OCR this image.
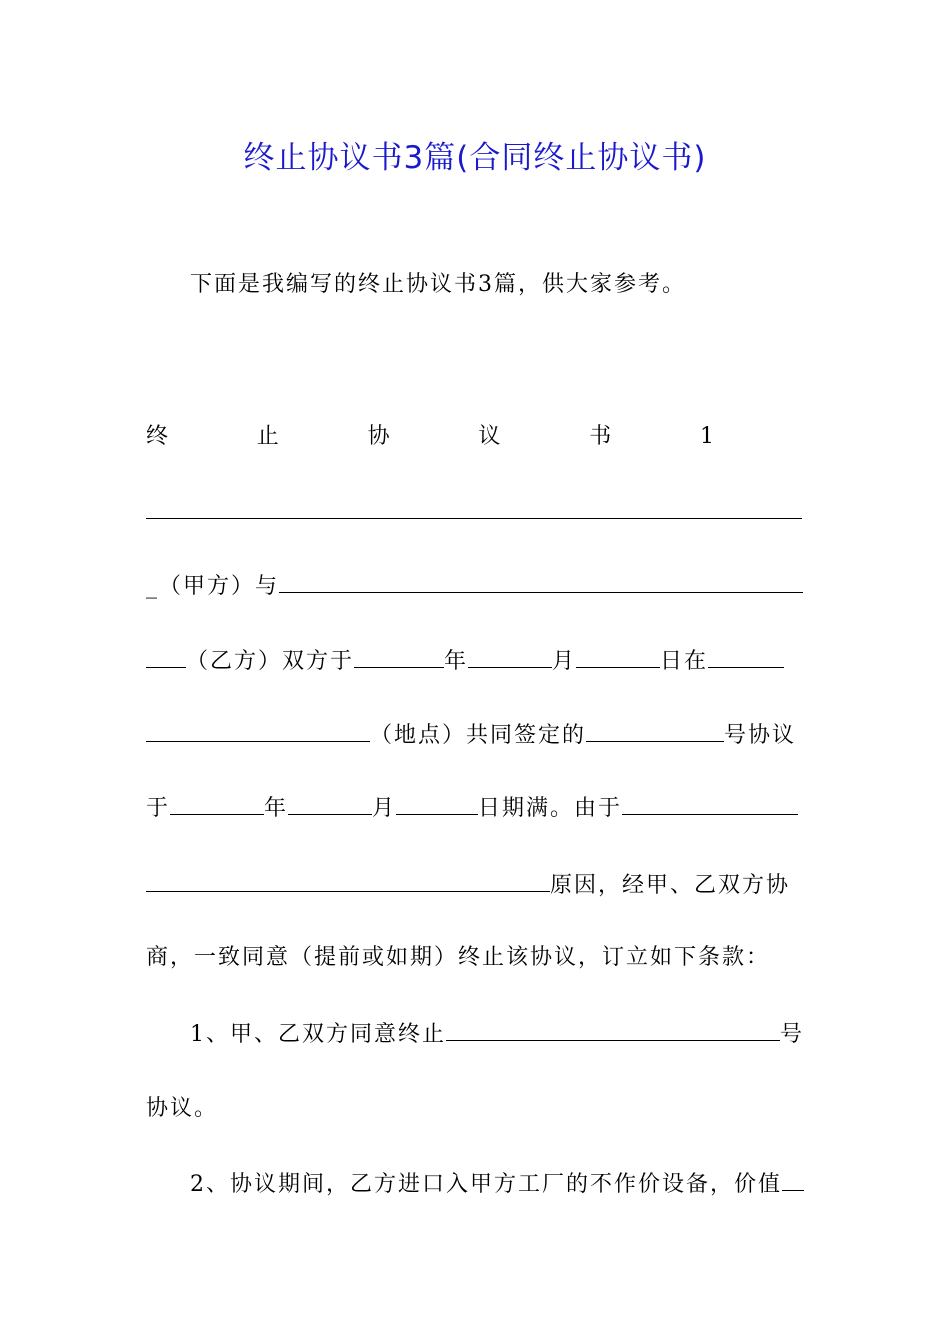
终止协议书3篇(合同终止协议书)
下面是我编写的终止协议书3篇，供大家参考。
终	止	协	议	书	1
_（甲方）与
（乙方）双方于	年	月	日在
（地点）共同签定的	号协议
于	年	月	日期满。由于
原因，经甲、乙双方协
商，一致同意（提前或如期）终止该协议，订立如下条款：
1、甲、乙双方同意终止	号
协议。
2、协议期间，乙方进口入甲方工厂的不作价设备，价值
